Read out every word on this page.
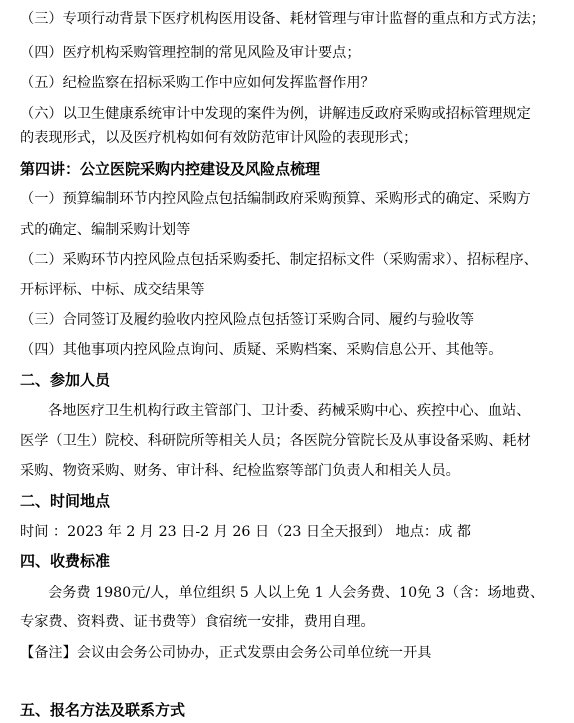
（三）专项行动背景下医疗机构医用设备、耗材管理与审计监督的重点和方式方法；
（四）医疗机构采购管理控制的常见风险及审计要点；
（五）纪检监察在招标采购工作中应如何发挥监督作用？
（六）以卫生健康系统审计中发现的案件为例，讲解违反政府采购或招标管理规定
的表现形式，以及医疗机构如何有效防范审计风险的表现形式；
第四讲：公立医院采购内控建设及风险点梳理
（一）预算编制环节内控风险点包括编制政府采购预算、采购形式的确定、采购方
式的确定、编制采购计划等
（二）采购环节内控风险点包括采购委托、制定招标文件（采购需求）、招标程序、
开标评标、中标、成交结果等
（三）合同签订及履约验收内控风险点包括签订采购合同、履约与验收等
（四）其他事项内控风险点询问、质疑、采购档案、采购信息公开、其他等。
二、参加人员
各地医疗卫生机构行政主管部门、卫计委、药械采购中心、疾控中心、血站、
医学（卫生）院校、科研院所等相关人员；各医院分管院长及从事设备采购、耗材
采购、物资采购、财务、审计科、纪检监察等部门负责人和相关人员。
二、时间地点
时间 ：2023 年 2 月 23 日-2 月 26 日（23 日全天报到） 地点：成 都
四、收费标准
会务费 1980元/人，单位组织 5 人以上免 1 人会务费、10免 3（含：场地费、
专家费、资料费、证书费等）食宿统一安排，费用自理。
【备注】会议由会务公司协办，正式发票由会务公司单位统一开具
五、报名方法及联系方式
